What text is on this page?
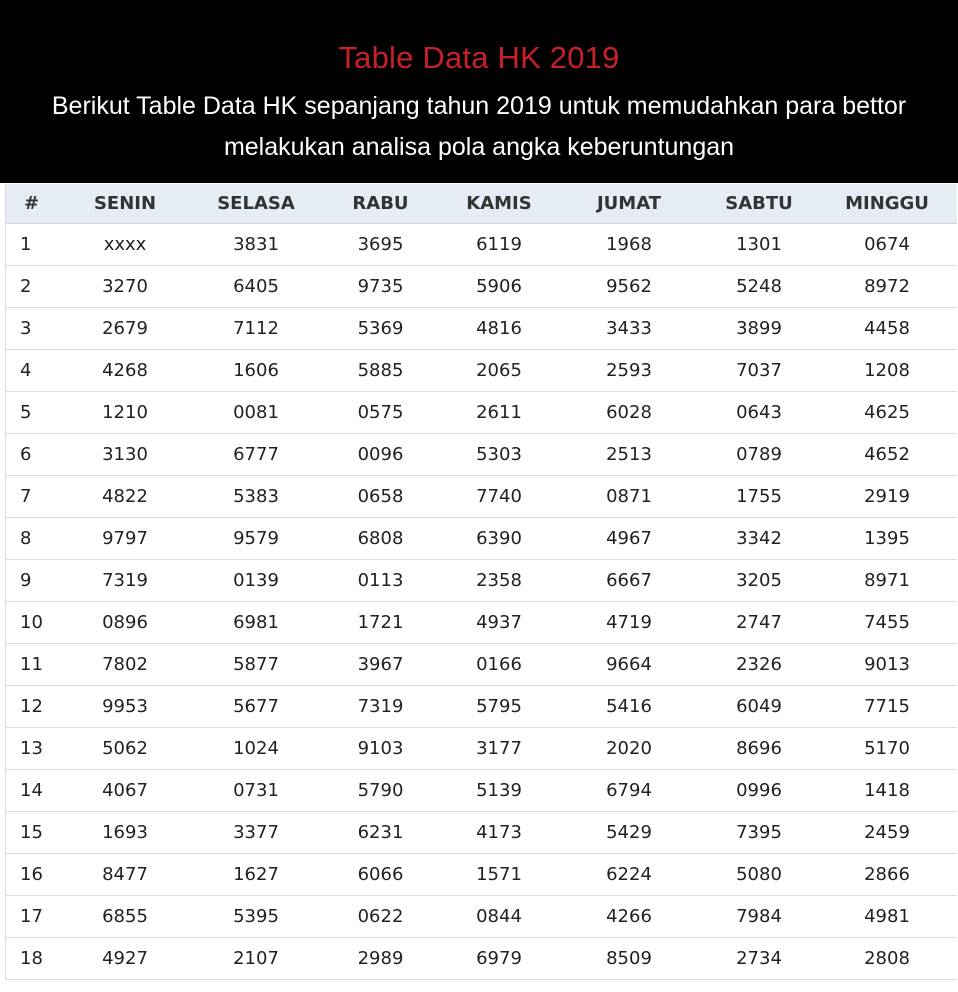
Table Data HK 2019
Berikut Table Data HK sepanjang tahun 2019 untuk memudahkan para bettor melakukan analisa pola angka keberuntungan
#	SENIN	SELASA	RABU	KAMIS	JUMAT	SABTU	MINGGU
1	xxxx	3831	3695	6119	1968	1301	0674
2	3270	6405	9735	5906	9562	5248	8972
3	2679	7112	5369	4816	3433	3899	4458
4	4268	1606	5885	2065	2593	7037	1208
5	1210	0081	0575	2611	6028	0643	4625
6	3130	6777	0096	5303	2513	0789	4652
7	4822	5383	0658	7740	0871	1755	2919
8	9797	9579	6808	6390	4967	3342	1395
9	7319	0139	0113	2358	6667	3205	8971
10	0896	6981	1721	4937	4719	2747	7455
11	7802	5877	3967	0166	9664	2326	9013
12	9953	5677	7319	5795	5416	6049	7715
13	5062	1024	9103	3177	2020	8696	5170
14	4067	0731	5790	5139	6794	0996	1418
15	1693	3377	6231	4173	5429	7395	2459
16	8477	1627	6066	1571	6224	5080	2866
17	6855	5395	0622	0844	4266	7984	4981
18	4927	2107	2989	6979	8509	2734	2808
